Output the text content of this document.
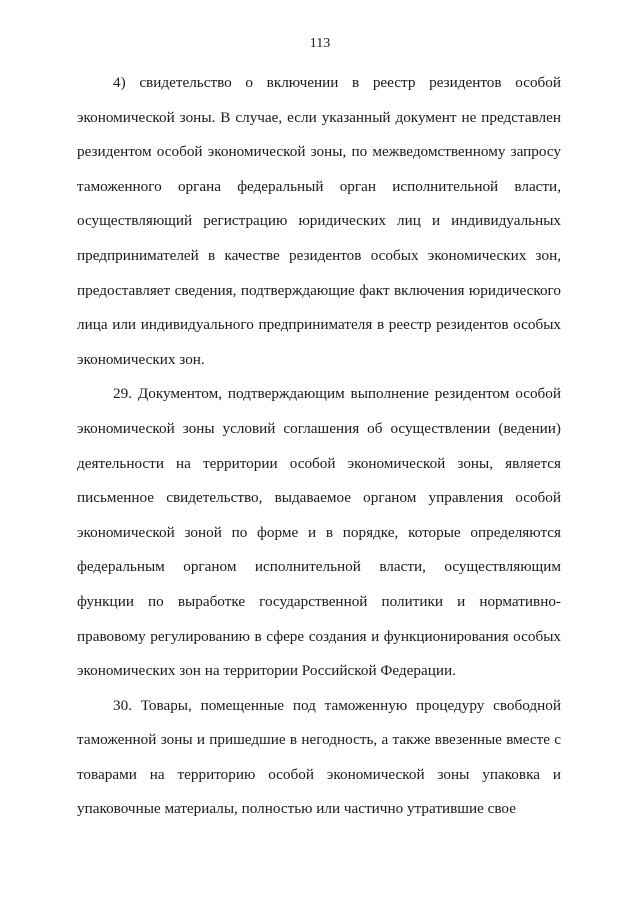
113

4) свидетельство о включении в реестр резидентов особой экономической зоны. В случае, если указанный документ не представлен резидентом особой экономической зоны, по межведомственному запросу таможенного органа федеральный орган исполнительной власти, осуществляющий регистрацию юридических лиц и индивидуальных предпринимателей в качестве резидентов особых экономических зон, предоставляет сведения, подтверждающие факт включения юридического лица или индивидуального предпринимателя в реестр резидентов особых экономических зон.

29. Документом, подтверждающим выполнение резидентом особой экономической зоны условий соглашения об осуществлении (ведении) деятельности на территории особой экономической зоны, является письменное свидетельство, выдаваемое органом управления особой экономической зоной по форме и в порядке, которые определяются федеральным органом исполнительной власти, осуществляющим функции по выработке государственной политики и нормативно-правовому регулированию в сфере создания и функционирования особых экономических зон на территории Российской Федерации.

30. Товары, помещенные под таможенную процедуру свободной таможенной зоны и пришедшие в негодность, а также ввезенные вместе с товарами на территорию особой экономической зоны упаковка и упаковочные материалы, полностью или частично утратившие свое
